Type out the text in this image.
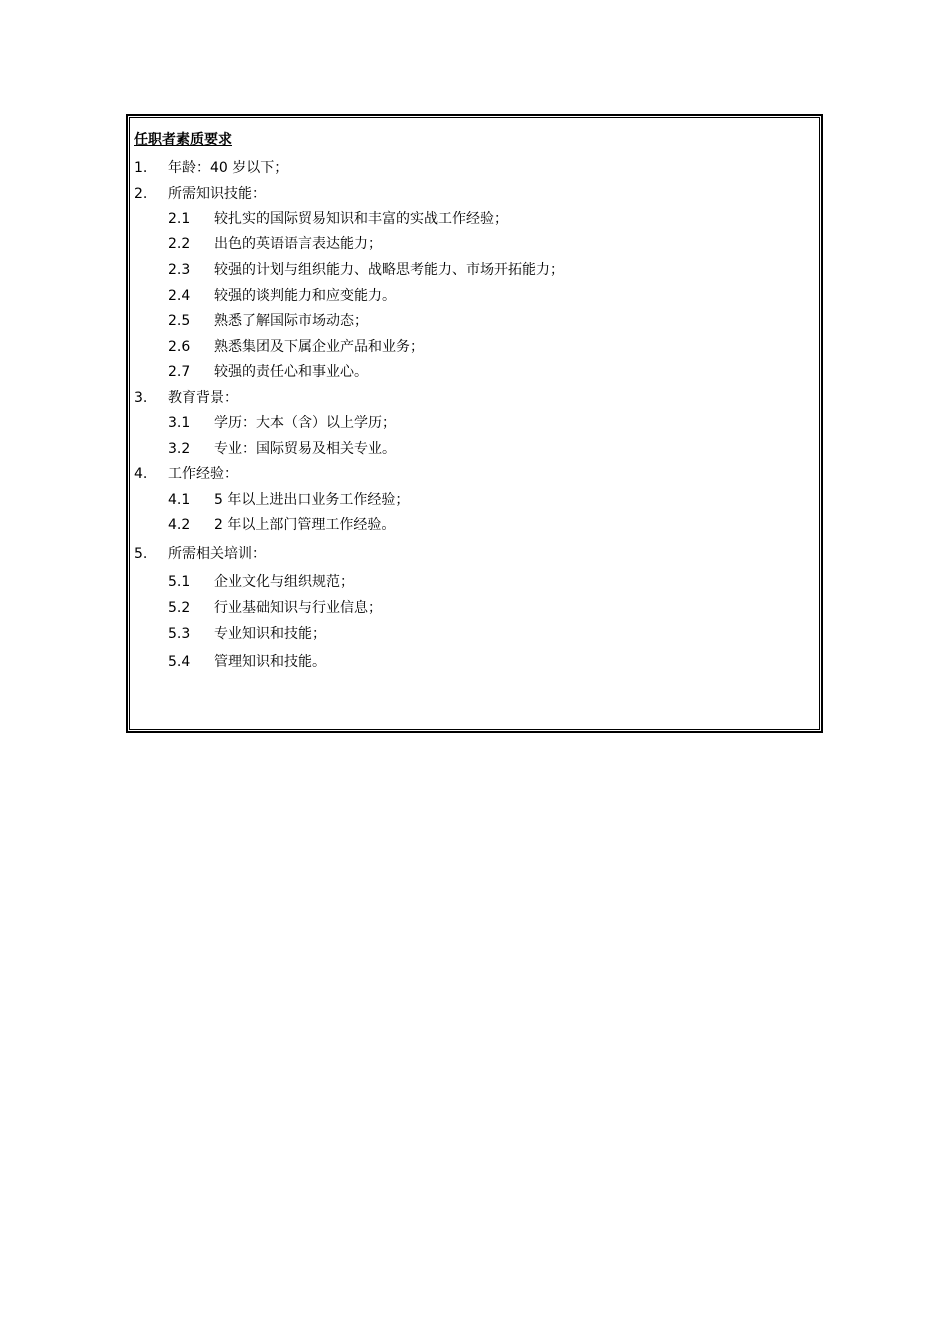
任职者素质要求
1. 年龄：40 岁以下；
2. 所需知识技能：
2.1 较扎实的国际贸易知识和丰富的实战工作经验；
2.2 出色的英语语言表达能力；
2.3 较强的计划与组织能力、战略思考能力、市场开拓能力；
2.4 较强的谈判能力和应变能力。
2.5 熟悉了解国际市场动态；
2.6 熟悉集团及下属企业产品和业务；
2.7 较强的责任心和事业心。
3. 教育背景：
3.1 学历：大本（含）以上学历；
3.2 专业：国际贸易及相关专业。
4. 工作经验：
4.1 5 年以上进出口业务工作经验；
4.2 2 年以上部门管理工作经验。
5. 所需相关培训：
5.1 企业文化与组织规范；
5.2 行业基础知识与行业信息；
5.3 专业知识和技能；
5.4 管理知识和技能。
